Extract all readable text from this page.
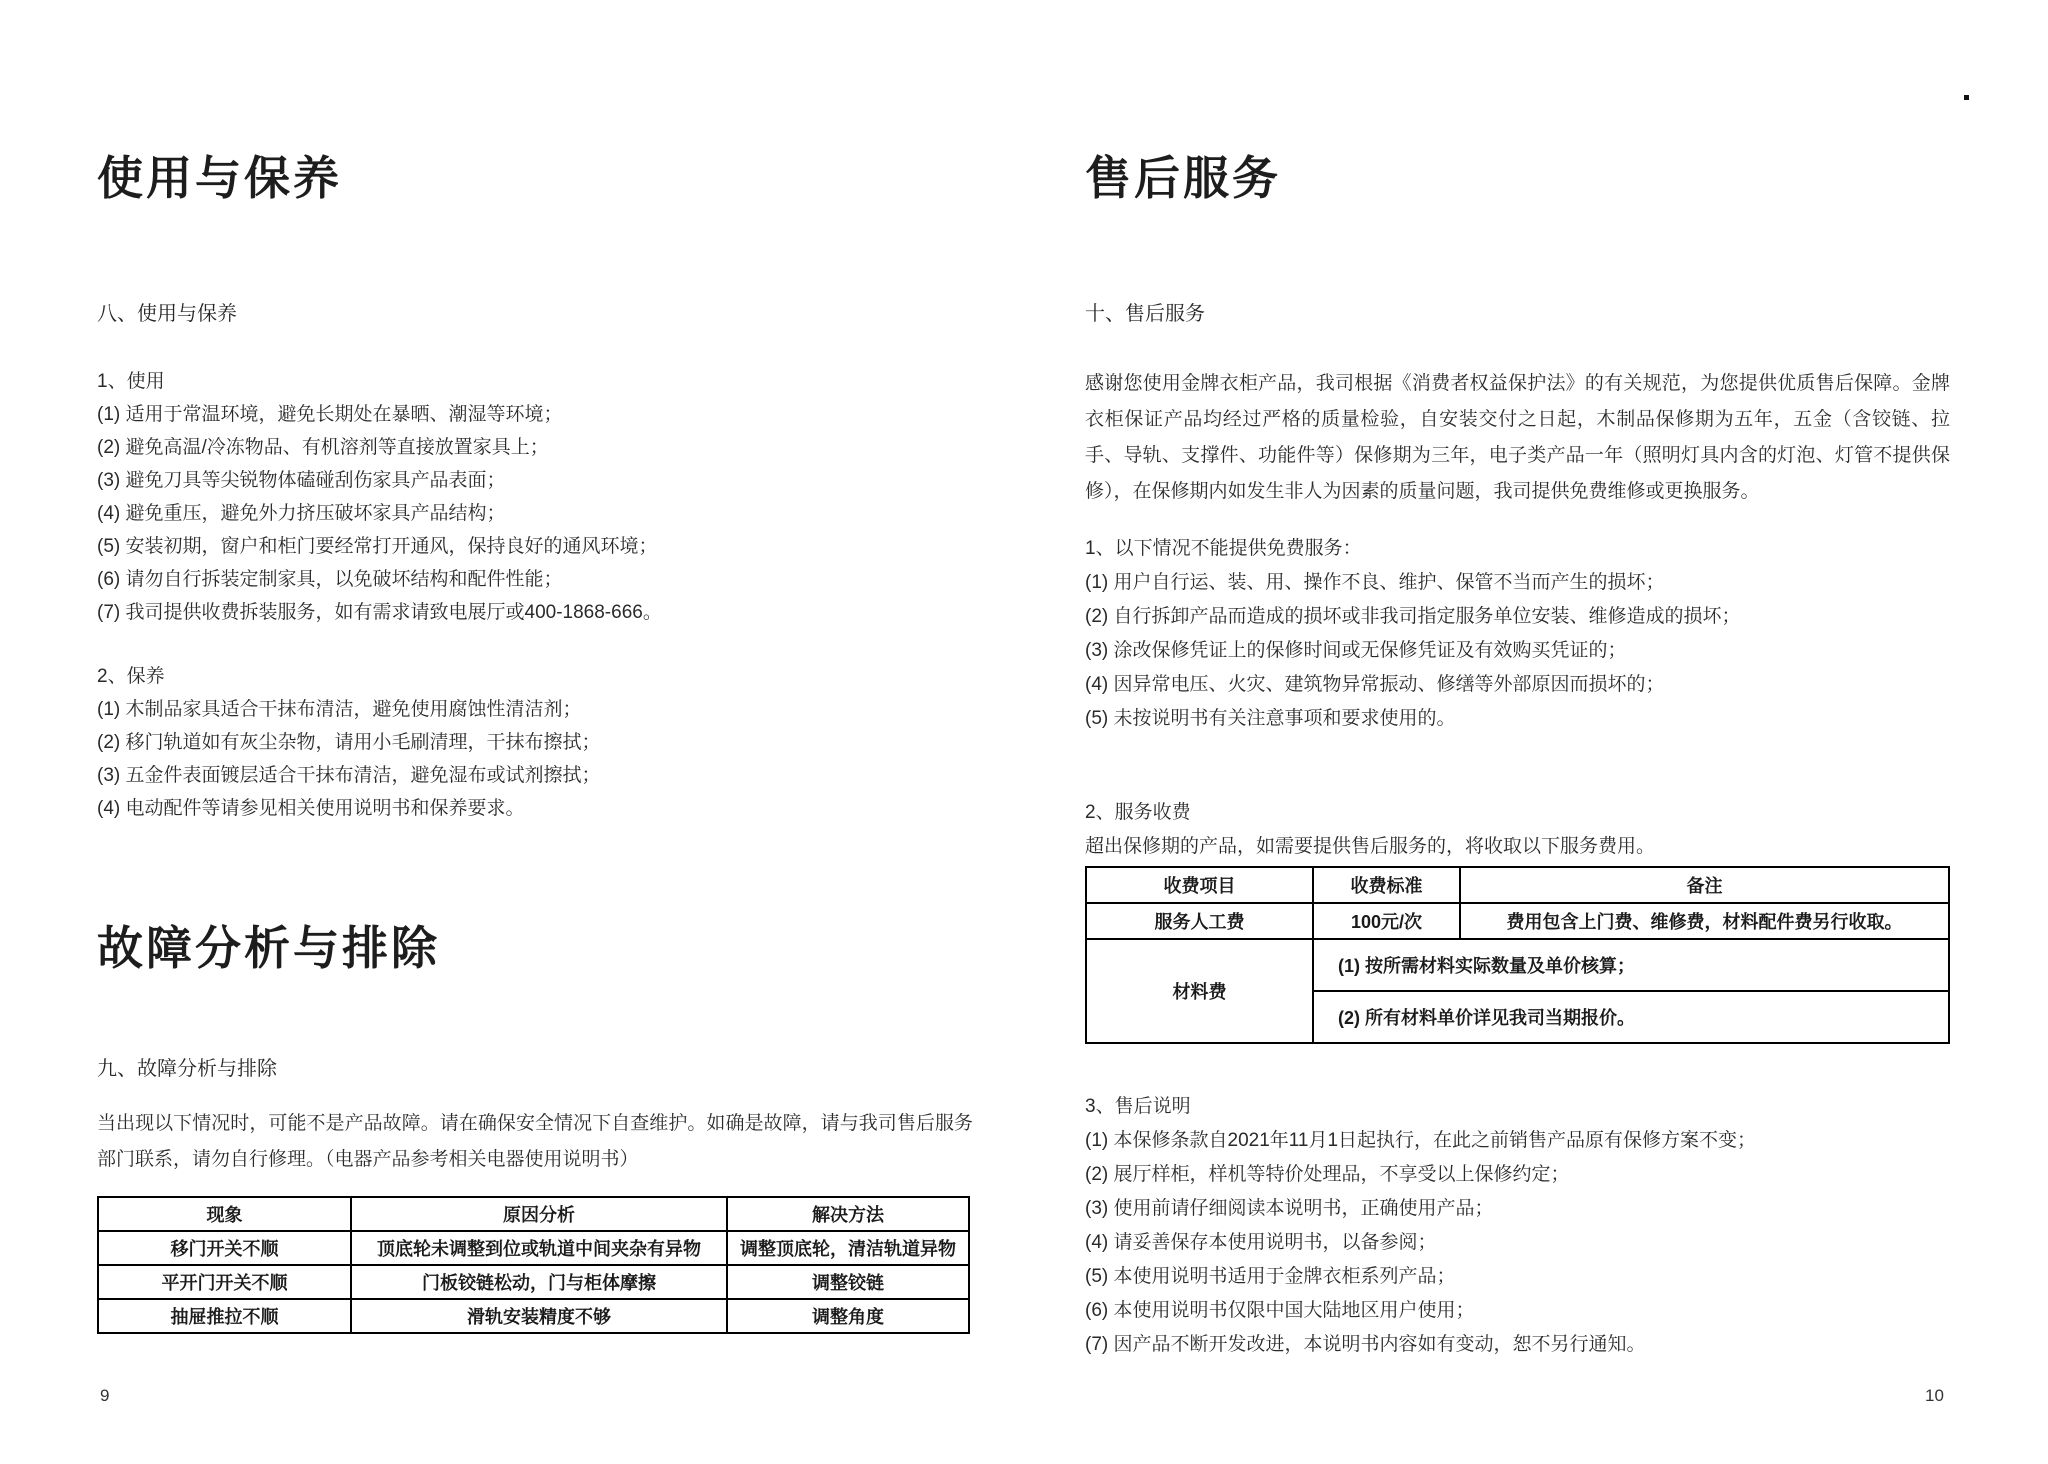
使用与保养
八、使用与保养
1、使用
(1) 适用于常温环境，避免长期处在暴晒、潮湿等环境；
(2) 避免高温/冷冻物品、有机溶剂等直接放置家具上；
(3) 避免刀具等尖锐物体磕碰刮伤家具产品表面；
(4) 避免重压，避免外力挤压破坏家具产品结构；
(5) 安装初期，窗户和柜门要经常打开通风，保持良好的通风环境；
(6) 请勿自行拆装定制家具，以免破坏结构和配件性能；
(7) 我司提供收费拆装服务，如有需求请致电展厅或400-1868-666。
2、保养
(1) 木制品家具适合干抹布清洁，避免使用腐蚀性清洁剂；
(2) 移门轨道如有灰尘杂物，请用小毛刷清理，干抹布擦拭；
(3) 五金件表面镀层适合干抹布清洁，避免湿布或试剂擦拭；
(4) 电动配件等请参见相关使用说明书和保养要求。
故障分析与排除
九、故障分析与排除
当出现以下情况时，可能不是产品故障。请在确保安全情况下自查维护。如确是故障，请与我司售后服务部门联系，请勿自行修理。（电器产品参考相关电器使用说明书）
现象	原因分析	解决方法
移门开关不顺	顶底轮未调整到位或轨道中间夹杂有异物	调整顶底轮，清洁轨道异物
平开门开关不顺	门板铰链松动，门与柜体摩擦	调整铰链
抽屉推拉不顺	滑轨安装精度不够	调整角度
9
售后服务
十、售后服务
感谢您使用金牌衣柜产品，我司根据《消费者权益保护法》的有关规范，为您提供优质售后保障。金牌衣柜保证产品均经过严格的质量检验，自安装交付之日起，木制品保修期为五年，五金（含铰链、拉手、导轨、支撑件、功能件等）保修期为三年，电子类产品一年（照明灯具内含的灯泡、灯管不提供保修），在保修期内如发生非人为因素的质量问题，我司提供免费维修或更换服务。
1、以下情况不能提供免费服务：
(1) 用户自行运、装、用、操作不良、维护、保管不当而产生的损坏；
(2) 自行拆卸产品而造成的损坏或非我司指定服务单位安装、维修造成的损坏；
(3) 涂改保修凭证上的保修时间或无保修凭证及有效购买凭证的；
(4) 因异常电压、火灾、建筑物异常振动、修缮等外部原因而损坏的；
(5) 未按说明书有关注意事项和要求使用的。
2、服务收费
超出保修期的产品，如需要提供售后服务的，将收取以下服务费用。
收费项目	收费标准	备注
服务人工费	100元/次	费用包含上门费、维修费，材料配件费另行收取。
材料费	(1) 按所需材料实际数量及单价核算；	
	(2) 所有材料单价详见我司当期报价。	
3、售后说明
(1) 本保修条款自2021年11月1日起执行，在此之前销售产品原有保修方案不变；
(2) 展厅样柜，样机等特价处理品，不享受以上保修约定；
(3) 使用前请仔细阅读本说明书，正确使用产品；
(4) 请妥善保存本使用说明书，以备参阅；
(5) 本使用说明书适用于金牌衣柜系列产品；
(6) 本使用说明书仅限中国大陆地区用户使用；
(7) 因产品不断开发改进，本说明书内容如有变动，恕不另行通知。
10
